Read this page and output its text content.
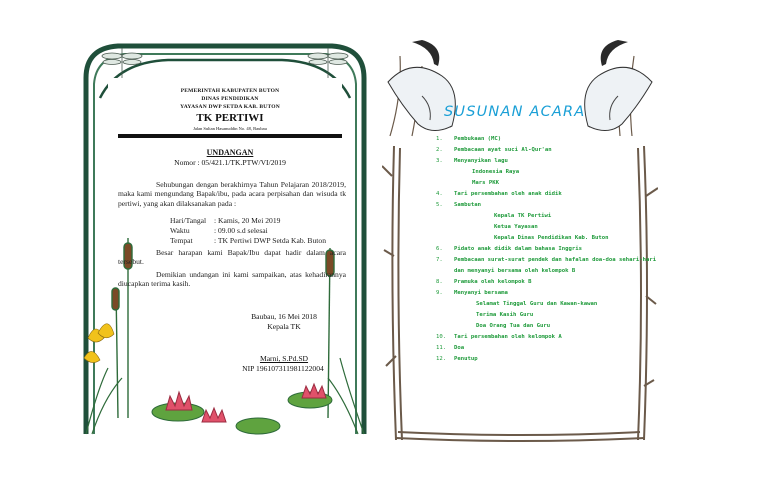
PEMERINTAH KABUPATEN BUTON
DINAS PENDIDIKAN
YAYASAN DWP SETDA KAB. BUTON
TK PERTIWI
Jalan Sultan Hasanuddin No. 48, Baubau
UNDANGAN
Nomor : 05/421.1/TK.PTW/VI/2019
Sehubungan dengan berakhirnya Tahun Pelajaran 2018/2019, maka kami mengundang Bapak/ibu, pada acara perpisahan dan wisuda tk pertiwi, yang akan dilaksanakan pada :
Hari/Tangal : Kamis, 20 Mei 2019
Waktu	: 09.00 s.d selesai
Tempat	: TK Pertiwi DWP Setda Kab. Buton
Besar harapan kami Bapak/Ibu dapat hadir dalam acara tersebut.
Demikian undangan ini kami sampaikan, atas kehadirannya diucapkan terima kasih.
Baubau, 16 Mei 2018
Kepala TK
Marni, S.Pd.SD
NIP 196107311981122004
SUSUNAN ACARA
1. Pembukaan (MC)
2. Pembacaan ayat suci Al-Qur'an
3. Menyanyikan lagu
Indonesia Raya
Mars PKK
4. Tari persembahan oleh anak didik
5. Sambutan
Kepala TK Pertiwi
Ketua Yayasan
Kepala Dinas Pendidikan Kab. Buton
6. Pidato anak didik dalam bahasa Inggris
7. Pembacaan surat-surat pendek dan hafalan doa-doa sehari-hari
dan menyanyi bersama oleh kelompok B
8. Pramuka oleh kelompok B
9. Menyanyi bersama
Selamat Tinggal Guru dan Kawan-kawan
Terima Kasih Guru
Doa Orang Tua dan Guru
10. Tari persembahan oleh kelompok A
11. Doa
12. Penutup
